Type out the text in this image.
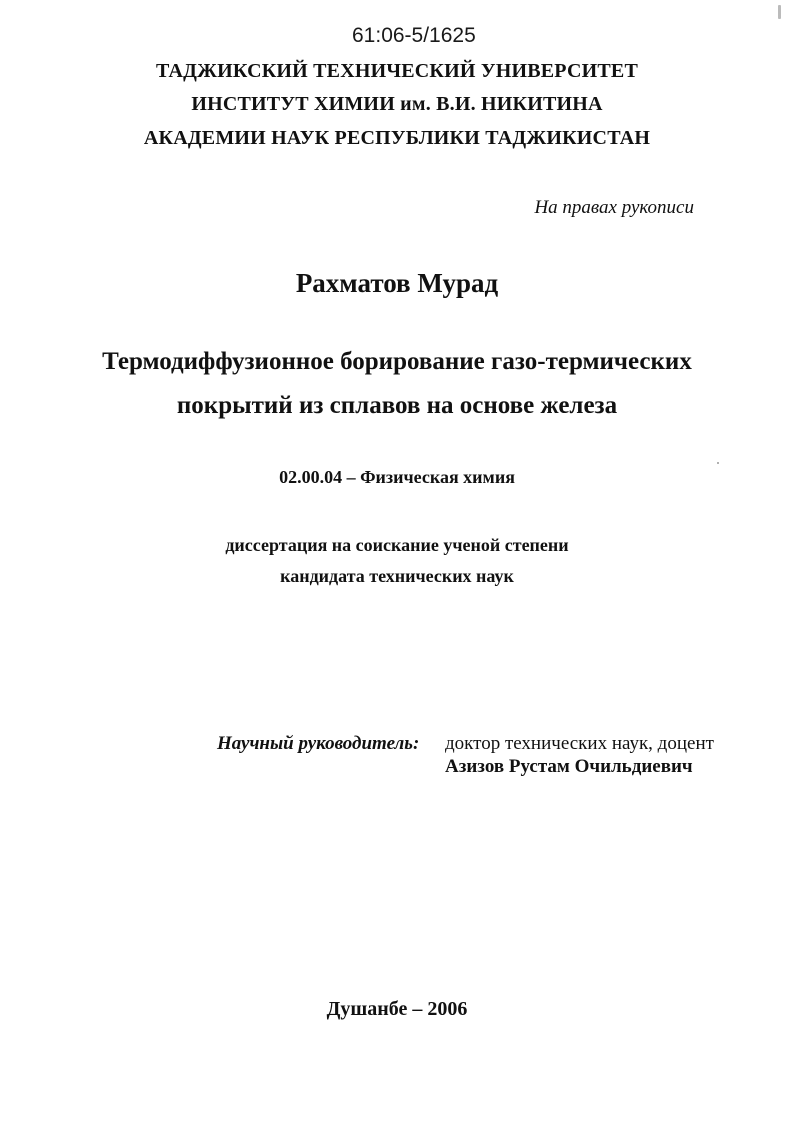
61:06-5/1625
ТАДЖИКСКИЙ ТЕХНИЧЕСКИЙ УНИВЕРСИТЕТ
ИНСТИТУТ ХИМИИ им. В.И. НИКИТИНА
АКАДЕМИИ НАУК РЕСПУБЛИКИ ТАДЖИКИСТАН
На правах рукописи
Рахматов Мурад
Термодиффузионное борирование газо-термических
покрытий из сплавов на основе железа
02.00.04 – Физическая химия
диссертация на соискание ученой степени
кандидата технических наук
Научный руководитель: доктор технических наук, доцент
Азизов Рустам Очильдиевич
Душанбе – 2006
